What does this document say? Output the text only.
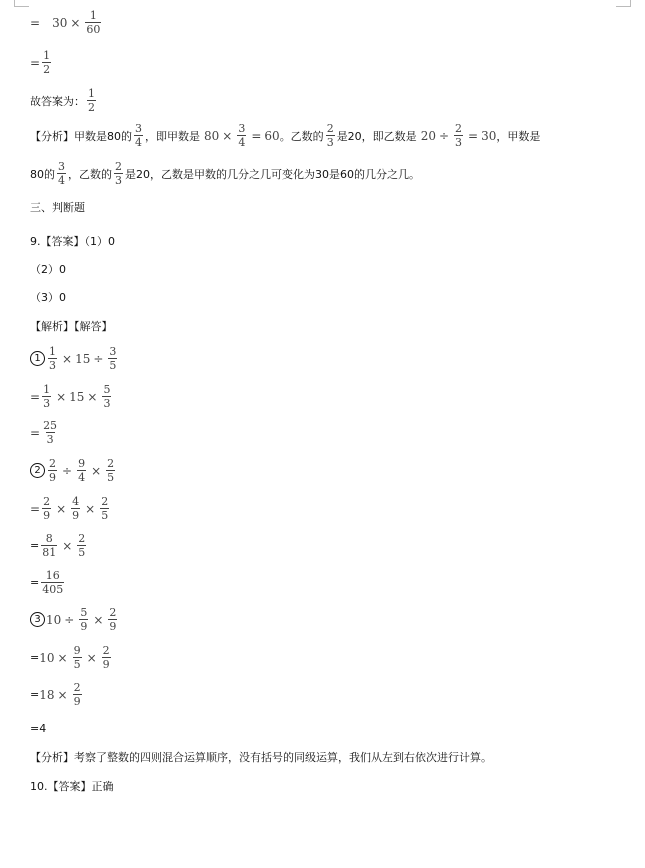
= $30 \times \frac{1}{60}$
= $\frac{1}{2}$
故答案为： $\frac{1}{2}$
【分析】甲数是80的 $\frac{3}{4}$ ，即甲数是 $80 \times \frac{3}{4} = 60$ 。乙数的 $\frac{2}{3}$ 是20，即乙数是 $20 \div \frac{2}{3} = 30$ ，甲数是
80的 $\frac{3}{4}$ ，乙数的 $\frac{2}{3}$ 是20，乙数是甲数的几分之几可变化为30是60的几分之几。
三、判断题
9.【答案】（1）0
（2）0
（3）0
【解析】【解答】
$1 \frac{1}{3} \times 15 \div \frac{3}{5}$
= $\frac{1}{3} \times 15 \times \frac{5}{3}$
= $\frac{25}{3}$
$2 \frac{2}{9} \div \frac{9}{4} \times \frac{2}{5}$
= $\frac{2}{9} \times \frac{4}{9} \times \frac{2}{5}$
= $\frac{8}{81} \times \frac{2}{5}$
= $\frac{16}{405}$
3 $10 \div \frac{5}{9} \times \frac{2}{9}$
= $10 \times \frac{9}{5} \times \frac{2}{9}$
= $18 \times \frac{2}{9}$
= 4
【分析】考察了整数的四则混合运算顺序，没有括号的同级运算，我们从左到右依次进行计算。
10.【答案】正确
